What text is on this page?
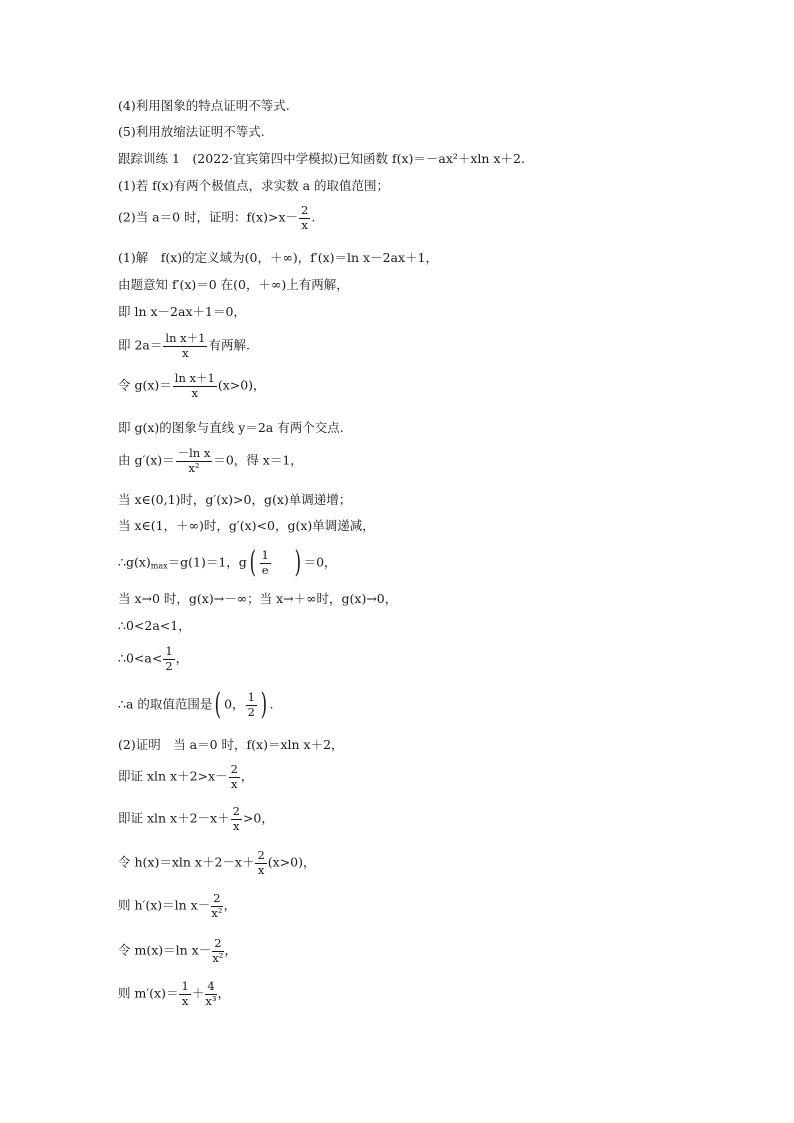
(4)利用图象的特点证明不等式.
(5)利用放缩法证明不等式.
跟踪训练 1　(2022·宜宾第四中学模拟)已知函数 f(x)＝－ax²＋xln x＋2.
(1)若 f(x)有两个极值点，求实数 a 的取值范围；
(2)当 a＝0 时，证明：$f(x)>x- \frac{2}{x}$ .
(1)解　f(x)的定义域为(0，＋∞)，f′(x)＝ln x－2ax＋1，
由题意知 f′(x)＝0 在(0，＋∞)上有两解，
即 ln x－2ax＋1＝0，
即 $2a= \frac{\text{ln x＋1}}{x}$ 有两解.
令 $g(x)= \frac{\text{ln x＋1}}{x} (x>0)$，
即 g(x)的图象与直线 y＝2a 有两个交点.
由 $g'(x)= \frac{\text{－ln x}}{\text{x²}} =0$，得 x＝1，
当 x∈(0,1)时，g′(x)>0，g(x)单调递增；
当 x∈(1，＋∞)时，g′(x)<0，g(x)单调递减，
∴g(x)max＝g(1)＝1，$g( \frac{1}{e}$ ) ＝0，
当 x→0 时，g(x)→－∞；当 x→＋∞时，g(x)→0，
∴0<2a<1，
∴0<a< $\frac{1}{2}$ ，
∴a 的取值范围是( 0， $\frac{1}{2}$ ) .
(2)证明　当 a＝0 时，f(x)＝xln x＋2，
即证 xln $x+2>x- \frac{2}{x}$ ，
即证 xln $x+2-x+ \frac{2}{x} >0$，
令 h(x)＝xln $x+2-x+ \frac{2}{x} (x>0)$，
则 h′(x)＝ln $x- \frac{2}{\text{x²}}$ ，
令 m(x)＝ln $x- \frac{2}{\text{x²}}$ ，
则 $m'(x)= \frac{1}{x} + \frac{4}{\text{x³}}$ ，
